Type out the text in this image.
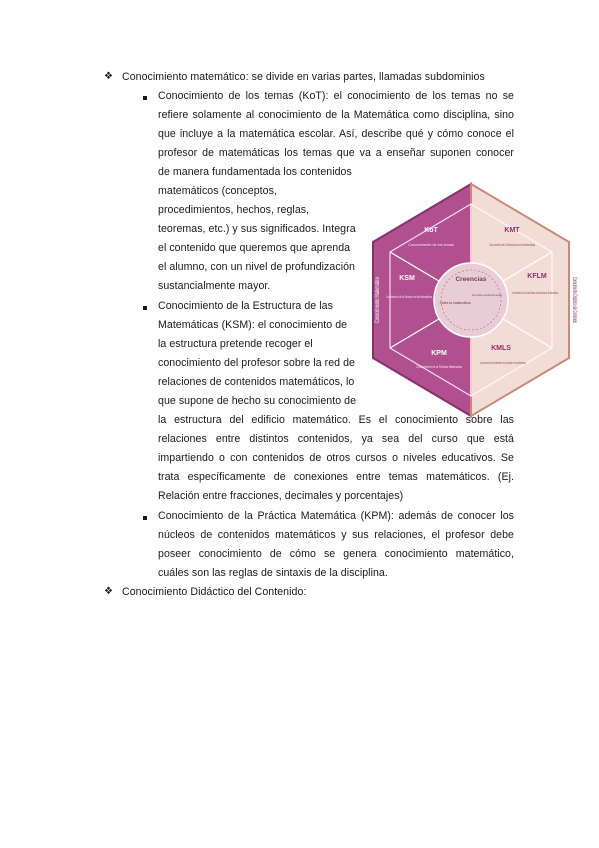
❖ Conocimiento matemático: se divide en varias partes, llamadas subdominios
Conocimiento de los temas (KoT): el conocimiento de los temas no se
refiere solamente al conocimiento de la Matemática como disciplina, sino
que incluye a la matemática escolar. Así, describe qué y cómo conoce el
profesor de matemáticas los temas que va a enseñar suponen conocer
de manera fundamentada los contenidos
matemáticos (conceptos,
procedimientos, hechos, reglas,
teoremas, etc.) y sus significados. Integra
el contenido que queremos que aprenda
el alumno, con un nivel de profundización
sustancialmente mayor.
Conocimiento de la Estructura de las
Matemáticas (KSM): el conocimiento de
la estructura pretende recoger el
conocimiento del profesor sobre la red de
relaciones de contenidos matemáticos, lo
que supone de hecho su conocimiento de
la estructura del edificio matemático. Es el conocimiento sobre las
relaciones entre distintos contenidos, ya sea del curso que está
impartiendo o con contenidos de otros cursos o niveles educativos. Se
trata específicamente de conexiones entre temas matemáticos. (Ej.
Relación entre fracciones, decimales y porcentajes)
Conocimiento de la Práctica Matemática (KPM): además de conocer los
núcleos de contenidos matemáticos y sus relaciones, el profesor debe
poseer conocimiento de cómo se genera conocimiento matemático,
cuáles son las reglas de sintaxis de la disciplina.
❖ Conocimiento Didáctico del Contenido:
Conocimiento Matemático	Conocimiento Didáctico del Contenido
KoT
KSM
KPM
KMT
KFLM
KMLS
Conocimiento de los temas
Conocimiento de la Estructura de las Matemáticas
Conocimiento de la Práctica Matemática
Conocimiento de la Enseñanza de las Matemáticas
Conocimiento de las Características de Aprendizaje de las Matemáticas
Conocimiento de los Estándares de Aprendizaje de las Matemáticas
Creencias
Sobre la matemática
Sobre la enseñanza y el aprendizaje de las matemáticas
